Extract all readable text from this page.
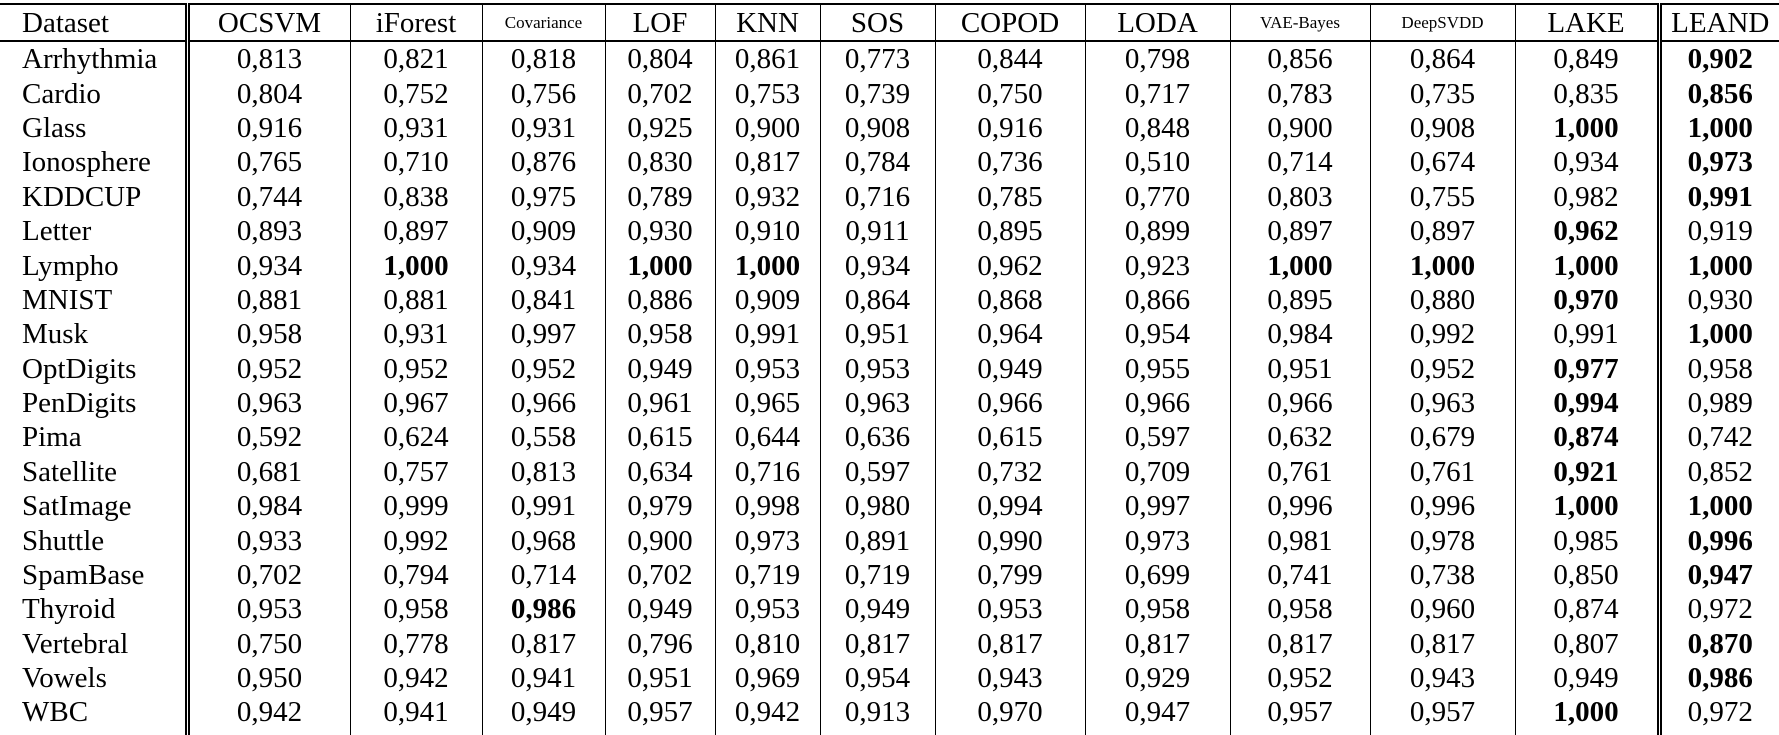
Dataset	OCSVM	iForest	Covariance	LOF	KNN	SOS	COPOD	LODA	VAE-Bayes	DeepSVDD	LAKE	LEAND
Arrhythmia	0,813	0,821	0,818	0,804	0,861	0,773	0,844	0,798	0,856	0,864	0,849	0,902
Cardio	0,804	0,752	0,756	0,702	0,753	0,739	0,750	0,717	0,783	0,735	0,835	0,856
Glass	0,916	0,931	0,931	0,925	0,900	0,908	0,916	0,848	0,900	0,908	1,000	1,000
Ionosphere	0,765	0,710	0,876	0,830	0,817	0,784	0,736	0,510	0,714	0,674	0,934	0,973
KDDCUP	0,744	0,838	0,975	0,789	0,932	0,716	0,785	0,770	0,803	0,755	0,982	0,991
Letter	0,893	0,897	0,909	0,930	0,910	0,911	0,895	0,899	0,897	0,897	0,962	0,919
Lympho	0,934	1,000	0,934	1,000	1,000	0,934	0,962	0,923	1,000	1,000	1,000	1,000
MNIST	0,881	0,881	0,841	0,886	0,909	0,864	0,868	0,866	0,895	0,880	0,970	0,930
Musk	0,958	0,931	0,997	0,958	0,991	0,951	0,964	0,954	0,984	0,992	0,991	1,000
OptDigits	0,952	0,952	0,952	0,949	0,953	0,953	0,949	0,955	0,951	0,952	0,977	0,958
PenDigits	0,963	0,967	0,966	0,961	0,965	0,963	0,966	0,966	0,966	0,963	0,994	0,989
Pima	0,592	0,624	0,558	0,615	0,644	0,636	0,615	0,597	0,632	0,679	0,874	0,742
Satellite	0,681	0,757	0,813	0,634	0,716	0,597	0,732	0,709	0,761	0,761	0,921	0,852
SatImage	0,984	0,999	0,991	0,979	0,998	0,980	0,994	0,997	0,996	0,996	1,000	1,000
Shuttle	0,933	0,992	0,968	0,900	0,973	0,891	0,990	0,973	0,981	0,978	0,985	0,996
SpamBase	0,702	0,794	0,714	0,702	0,719	0,719	0,799	0,699	0,741	0,738	0,850	0,947
Thyroid	0,953	0,958	0,986	0,949	0,953	0,949	0,953	0,958	0,958	0,960	0,874	0,972
Vertebral	0,750	0,778	0,817	0,796	0,810	0,817	0,817	0,817	0,817	0,817	0,807	0,870
Vowels	0,950	0,942	0,941	0,951	0,969	0,954	0,943	0,929	0,952	0,943	0,949	0,986
WBC	0,942	0,941	0,949	0,957	0,942	0,913	0,970	0,947	0,957	0,957	1,000	0,972
